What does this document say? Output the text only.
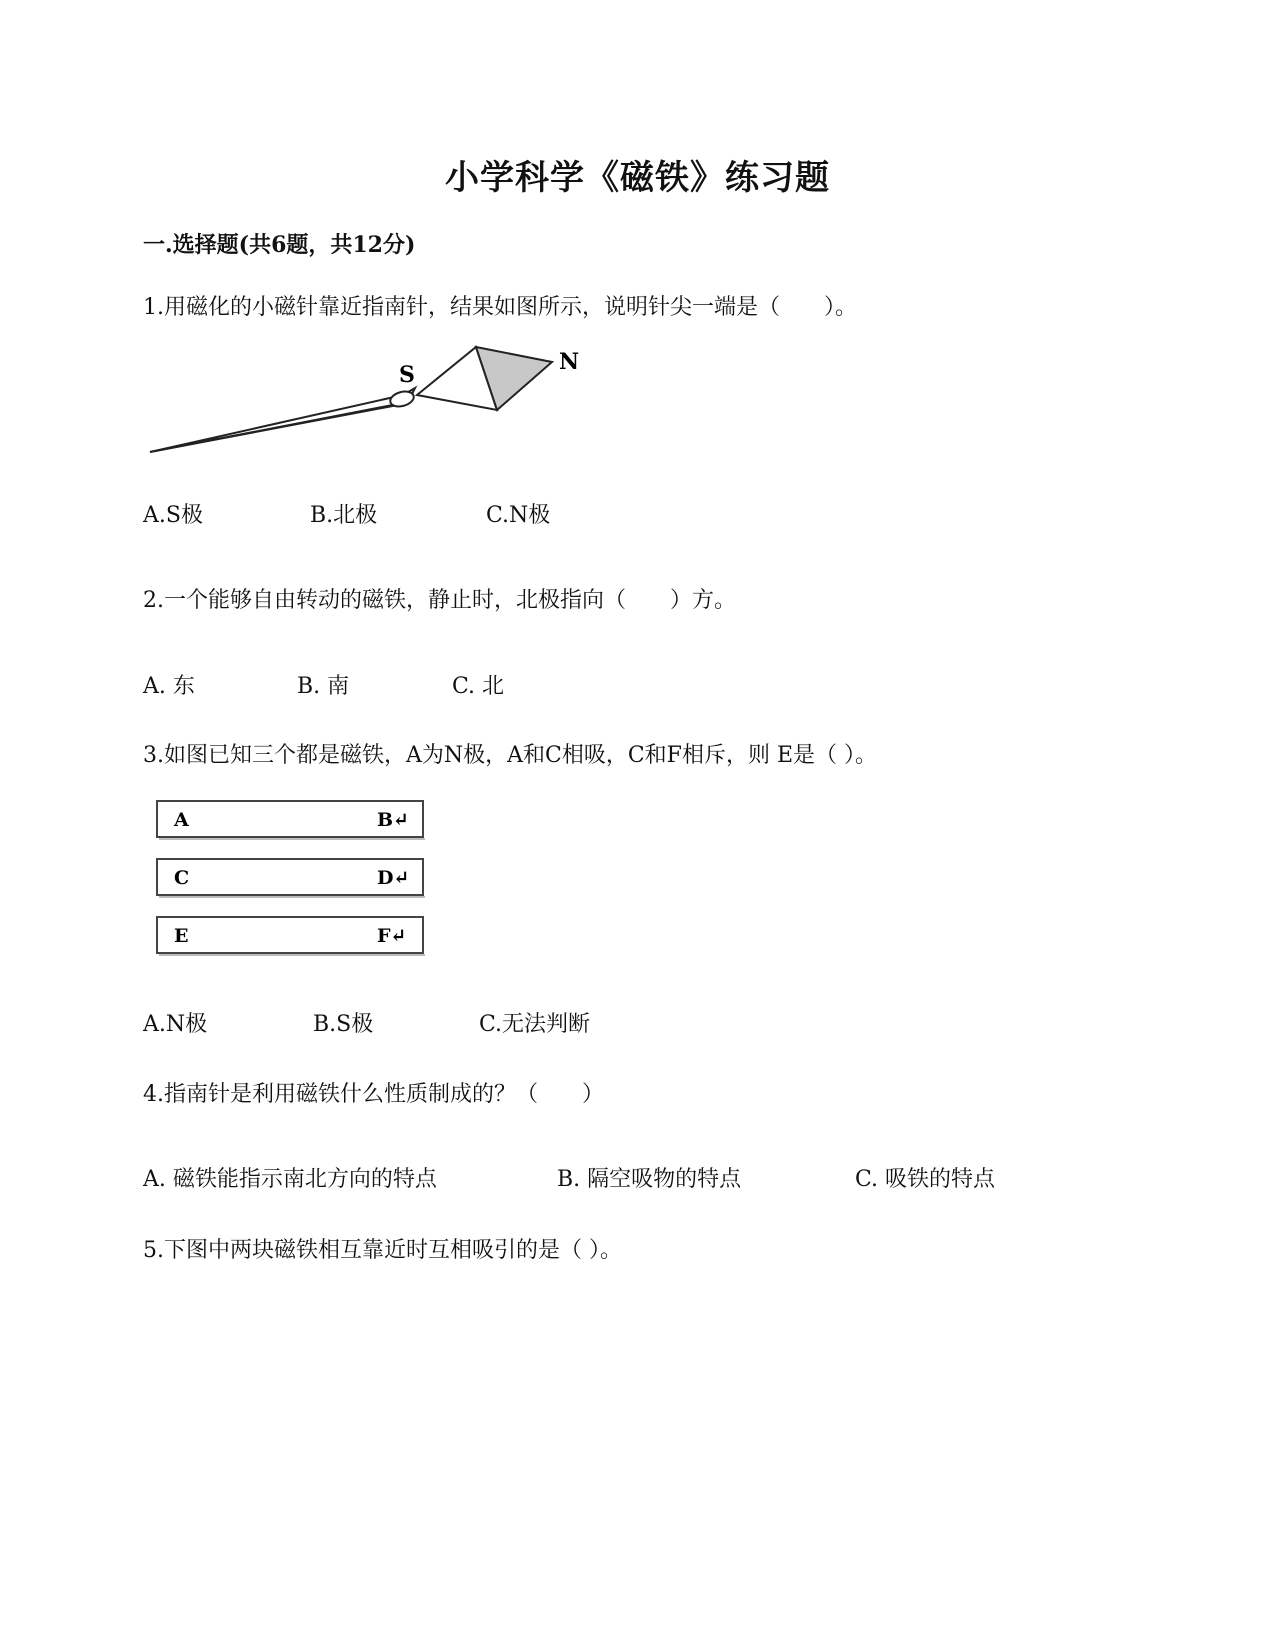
小学科学《磁铁》练习题
一.选择题(共6题，共12分)
1.用磁化的小磁针靠近指南针，结果如图所示，说明针尖一端是（　　）。
S	N
A.S极	B.北极	C.N极
2.一个能够自由转动的磁铁，静止时，北极指向（　　）方。
A. 东	B. 南	C. 北
3.如图已知三个都是磁铁，A为N极，A和C相吸，C和F相斥，则 E是（ ）。
A	B↵
C	D↵
E	F↵
A.N极	B.S极	C.无法判断
4.指南针是利用磁铁什么性质制成的？（　　）
A. 磁铁能指示南北方向的特点	B. 隔空吸物的特点	C. 吸铁的特点
5.下图中两块磁铁相互靠近时互相吸引的是（ ）。
